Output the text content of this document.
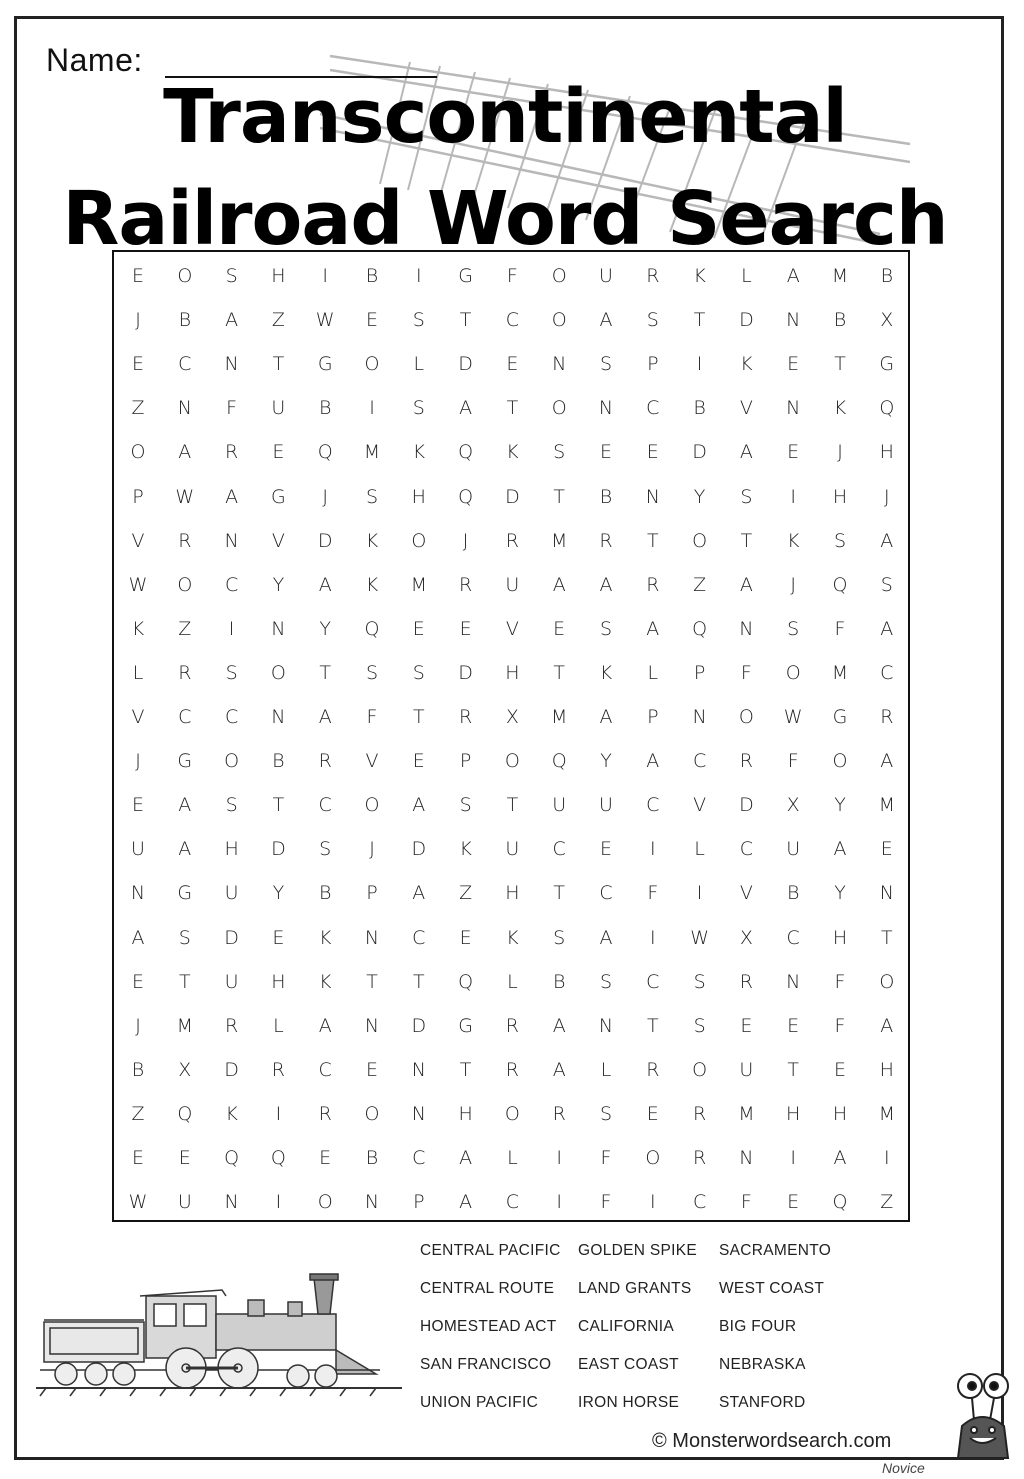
Name:
Transcontinental
Railroad Word Search
E	O	S	H	I	B	I	G	F	O	U	R	K	L	A	M	B
J	B	A	Z	W	E	S	T	C	O	A	S	T	D	N	B	X
E	C	N	T	G	O	L	D	E	N	S	P	I	K	E	T	G
Z	N	F	U	B	I	S	A	T	O	N	C	B	V	N	K	Q
O	A	R	E	Q	M	K	Q	K	S	E	E	D	A	E	J	H
P	W	A	G	J	S	H	Q	D	T	B	N	Y	S	I	H	J
V	R	N	V	D	K	O	J	R	M	R	T	O	T	K	S	A
W	O	C	Y	A	K	M	R	U	A	A	R	Z	A	J	Q	S
K	Z	I	N	Y	Q	E	E	V	E	S	A	Q	N	S	F	A
L	R	S	O	T	S	S	D	H	T	K	L	P	F	O	M	C
V	C	C	N	A	F	T	R	X	M	A	P	N	O	W	G	R
J	G	O	B	R	V	E	P	O	Q	Y	A	C	R	F	O	A
E	A	S	T	C	O	A	S	T	U	U	C	V	D	X	Y	M
U	A	H	D	S	J	D	K	U	C	E	I	L	C	U	A	E
N	G	U	Y	B	P	A	Z	H	T	C	F	I	V	B	Y	N
A	S	D	E	K	N	C	E	K	S	A	I	W	X	C	H	T
E	T	U	H	K	T	T	Q	L	B	S	C	S	R	N	F	O
J	M	R	L	A	N	D	G	R	A	N	T	S	E	E	F	A
B	X	D	R	C	E	N	T	R	A	L	R	O	U	T	E	H
Z	Q	K	I	R	O	N	H	O	R	S	E	R	M	H	H	M
E	E	Q	Q	E	B	C	A	L	I	F	O	R	N	I	A	I
W	U	N	I	O	N	P	A	C	I	F	I	C	F	E	Q	Z
CENTRAL PACIFIC
CENTRAL ROUTE
HOMESTEAD ACT
SAN FRANCISCO
UNION PACIFIC
GOLDEN SPIKE
LAND GRANTS
CALIFORNIA
EAST COAST
IRON HORSE
SACRAMENTO
WEST COAST
BIG FOUR
NEBRASKA
STANFORD
© Monsterwordsearch.com
Novice
